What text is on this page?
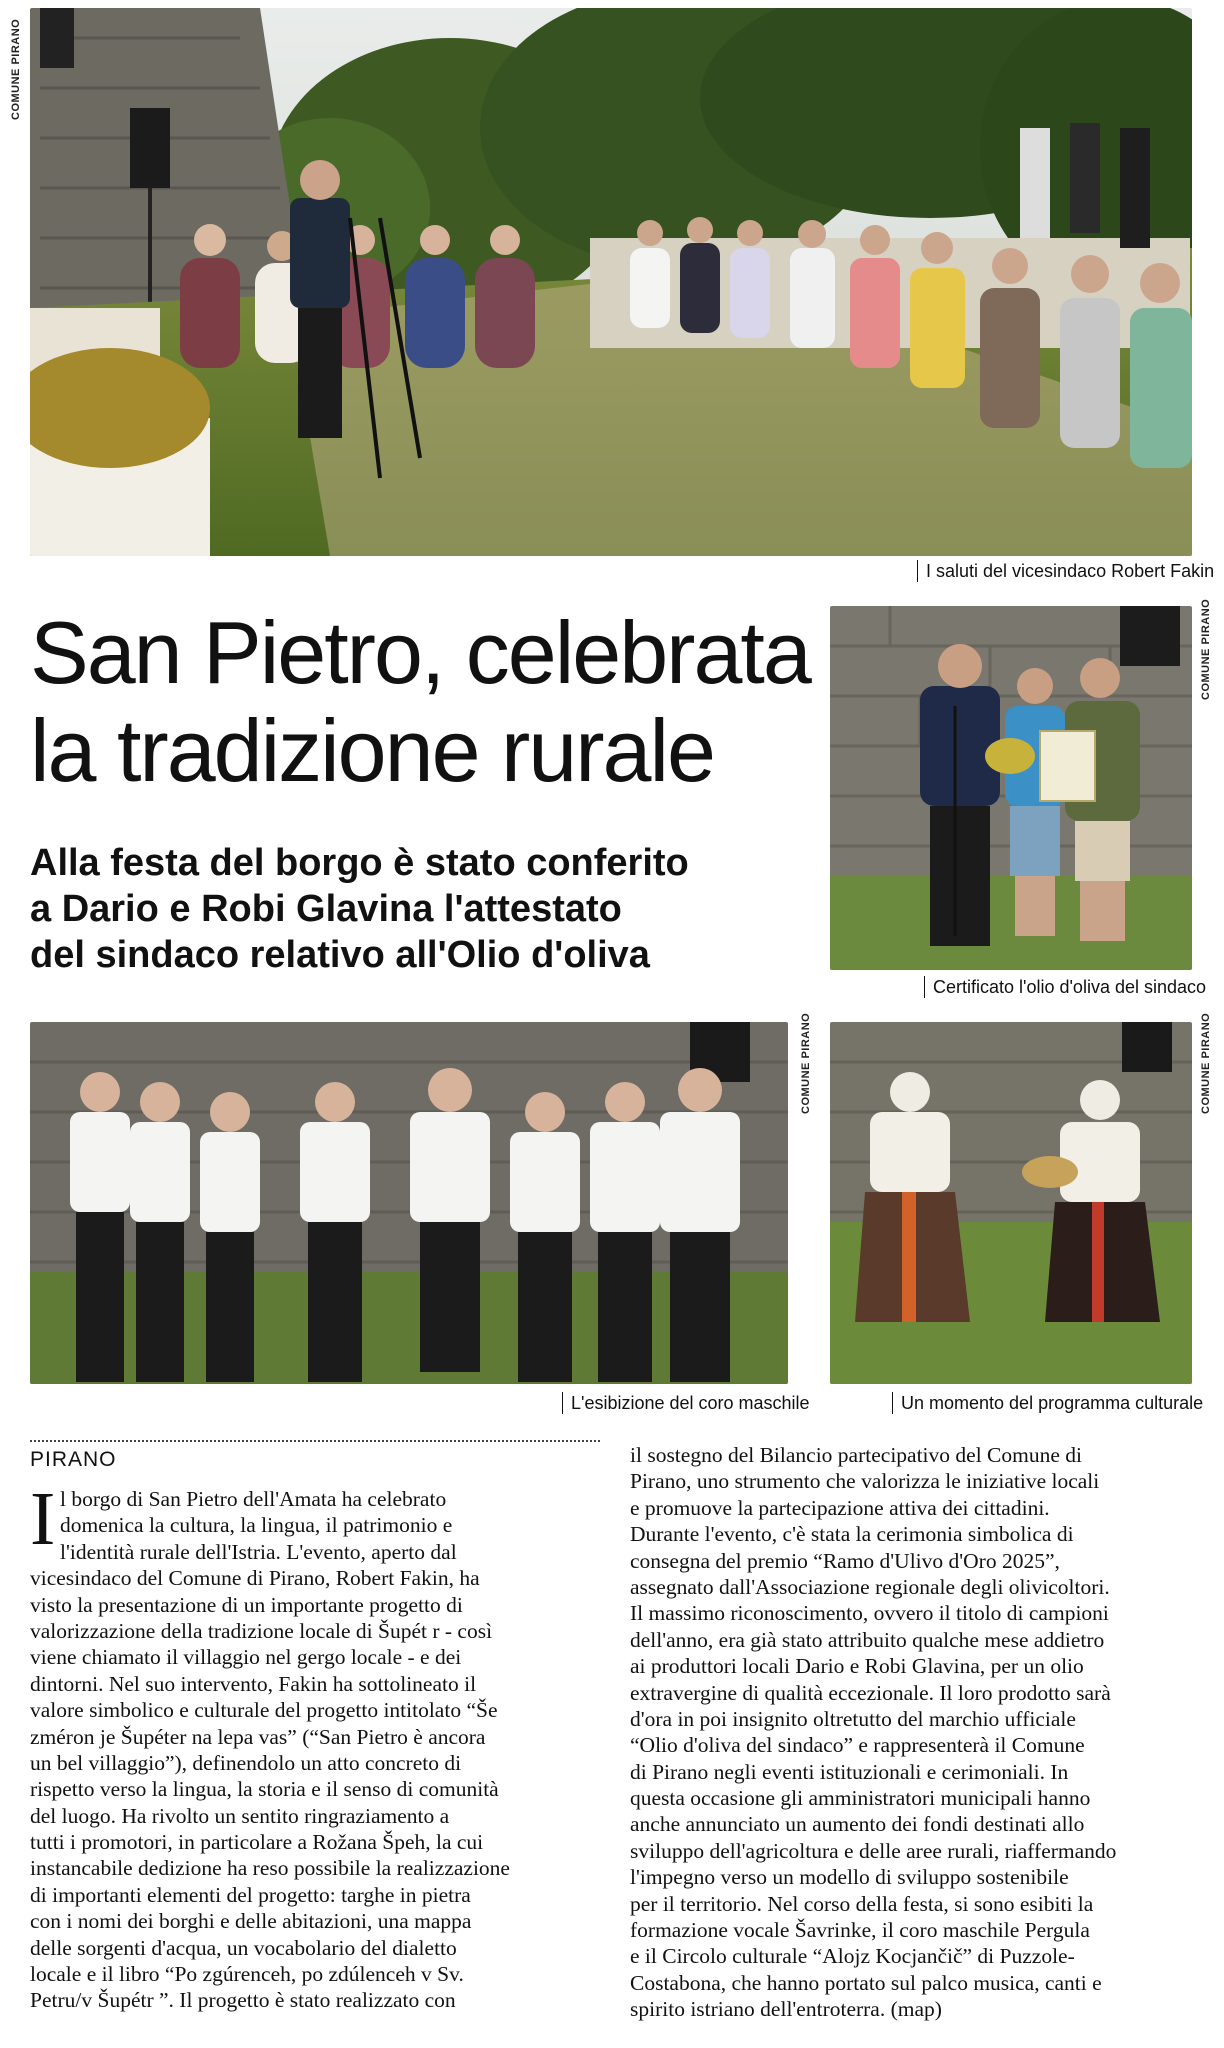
COMUNE PIRANO
I saluti del vicesindaco Robert Fakin
San Pietro, celebrata
la tradizione rurale
Alla festa del borgo è stato conferito
a Dario e Robi Glavina l'attestato
del sindaco relativo all'Olio d'oliva
COMUNE PIRANO
Certificato l'olio d'oliva del sindaco
COMUNE PIRANO
L'esibizione del coro maschile
COMUNE PIRANO
Un momento del programma culturale
PIRANO
I l borgo di San Pietro dell'Amata ha celebrato
domenica la cultura, la lingua, il patrimonio e
l'identità rurale dell'Istria. L'evento, aperto dal
vicesindaco del Comune di Pirano, Robert Fakin, ha
visto la presentazione di un importante progetto di
valorizzazione della tradizione locale di Šupét r - così
viene chiamato il villaggio nel gergo locale - e dei
dintorni. Nel suo intervento, Fakin ha sottolineato il
valore simbolico e culturale del progetto intitolato “Še
zméron je Šupéter na lepa vas” (“San Pietro è ancora
un bel villaggio”), definendolo un atto concreto di
rispetto verso la lingua, la storia e il senso di comunità
del luogo. Ha rivolto un sentito ringraziamento a
tutti i promotori, in particolare a Rožana Špeh, la cui
instancabile dedizione ha reso possibile la realizzazione
di importanti elementi del progetto: targhe in pietra
con i nomi dei borghi e delle abitazioni, una mappa
delle sorgenti d'acqua, un vocabolario del dialetto
locale e il libro “Po zgúrenceh, po zdúlenceh v Sv.
Petru/v Šupétr ”. Il progetto è stato realizzato con
il sostegno del Bilancio partecipativo del Comune di
Pirano, uno strumento che valorizza le iniziative locali
e promuove la partecipazione attiva dei cittadini.
Durante l'evento, c'è stata la cerimonia simbolica di
consegna del premio “Ramo d'Ulivo d'Oro 2025”,
assegnato dall'Associazione regionale degli olivicoltori.
Il massimo riconoscimento, ovvero il titolo di campioni
dell'anno, era già stato attribuito qualche mese addietro
ai produttori locali Dario e Robi Glavina, per un olio
extravergine di qualità eccezionale. Il loro prodotto sarà
d'ora in poi insignito oltretutto del marchio ufficiale
“Olio d'oliva del sindaco” e rappresenterà il Comune
di Pirano negli eventi istituzionali e cerimoniali. In
questa occasione gli amministratori municipali hanno
anche annunciato un aumento dei fondi destinati allo
sviluppo dell'agricoltura e delle aree rurali, riaffermando
l'impegno verso un modello di sviluppo sostenibile
per il territorio. Nel corso della festa, si sono esibiti la
formazione vocale Šavrinke, il coro maschile Pergula
e il Circolo culturale “Alojz Kocjančič” di Puzzole-
Costabona, che hanno portato sul palco musica, canti e
spirito istriano dell'entroterra. (map)
